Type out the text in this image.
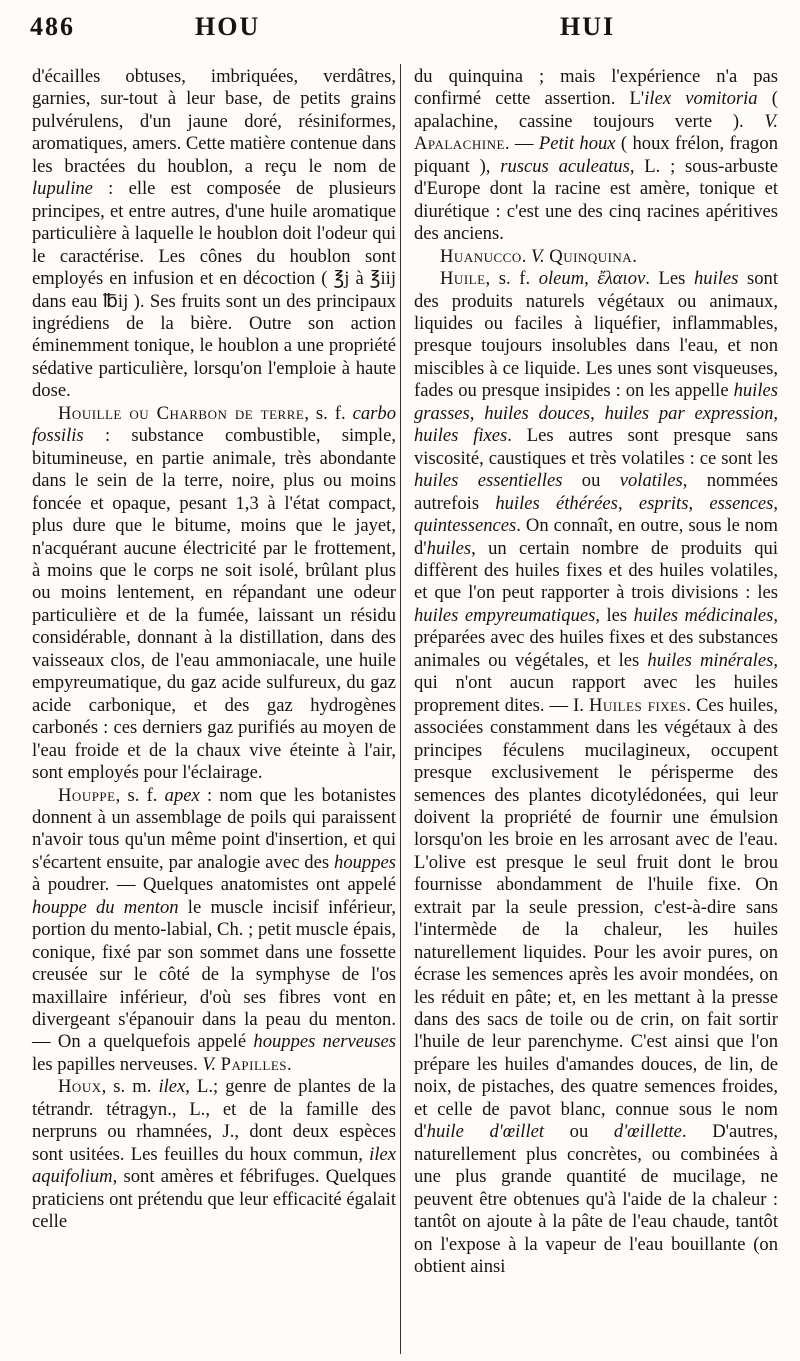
486	HOU	HUI

d'écailles obtuses, imbriquées, verdâtres, garnies, sur-tout à leur base, de petits grains pulvérulens, d'un jaune doré, résiniformes, aromatiques, amers. Cette matière contenue dans les bractées du houblon, a reçu le nom de lupuline : elle est composée de plusieurs principes, et entre autres, d'une huile aromatique particulière à laquelle le houblon doit l'odeur qui le caractérise. Les cônes du houblon sont employés en infusion et en décoction ( ℥j à ℥iij dans eau ℔ij ). Ses fruits sont un des principaux ingrédiens de la bière. Outre son action éminemment tonique, le houblon a une propriété sédative particulière, lorsqu'on l'emploie à haute dose.

Houille ou Charbon de terre, s. f. carbo fossilis : substance combustible, simple, bitumineuse, en partie animale, très abondante dans le sein de la terre, noire, plus ou moins foncée et opaque, pesant 1,3 à l'état compact, plus dure que le bitume, moins que le jayet, n'acquérant aucune électricité par le frottement, à moins que le corps ne soit isolé, brûlant plus ou moins lentement, en répandant une odeur particulière et de la fumée, laissant un résidu considérable, donnant à la distillation, dans des vaisseaux clos, de l'eau ammoniacale, une huile empyreumatique, du gaz acide sulfureux, du gaz acide carbonique, et des gaz hydrogènes carbonés : ces derniers gaz purifiés au moyen de l'eau froide et de la chaux vive éteinte à l'air, sont employés pour l'éclairage.

Houppe, s. f. apex : nom que les botanistes donnent à un assemblage de poils qui paraissent n'avoir tous qu'un même point d'insertion, et qui s'écartent ensuite, par analogie avec des houppes à poudrer. — Quelques anatomistes ont appelé houppe du menton le muscle incisif inférieur, portion du mento-labial, Ch. ; petit muscle épais, conique, fixé par son sommet dans une fossette creusée sur le côté de la symphyse de l'os maxillaire inférieur, d'où ses fibres vont en divergeant s'épanouir dans la peau du menton. — On a quelquefois appelé houppes nerveuses les papilles nerveuses. V. Papilles.

Houx, s. m. ilex, L.; genre de plantes de la tétrandr. tétragyn., L., et de la famille des nerpruns ou rhamnées, J., dont deux espèces sont usitées. Les feuilles du houx commun, ilex aquifolium, sont amères et fébrifuges. Quelques praticiens ont prétendu que leur efficacité égalait celle

du quinquina ; mais l'expérience n'a pas confirmé cette assertion. L'ilex vomitoria ( apalachine, cassine toujours verte ). V. Apalachine. — Petit houx ( houx frélon, fragon piquant ), ruscus aculeatus, L. ; sous-arbuste d'Europe dont la racine est amère, tonique et diurétique : c'est une des cinq racines apéritives des anciens.

Huanucco. V. Quinquina.

Huile, s. f. oleum, ἔλαιον. Les huiles sont des produits naturels végétaux ou animaux, liquides ou faciles à liquéfier, inflammables, presque toujours insolubles dans l'eau, et non miscibles à ce liquide. Les unes sont visqueuses, fades ou presque insipides : on les appelle huiles grasses, huiles douces, huiles par expression, huiles fixes. Les autres sont presque sans viscosité, caustiques et très volatiles : ce sont les huiles essentielles ou volatiles, nommées autrefois huiles éthérées, esprits, essences, quintessences. On connaît, en outre, sous le nom d'huiles, un certain nombre de produits qui diffèrent des huiles fixes et des huiles volatiles, et que l'on peut rapporter à trois divisions : les huiles empyreumatiques, les huiles médicinales, préparées avec des huiles fixes et des substances animales ou végétales, et les huiles minérales, qui n'ont aucun rapport avec les huiles proprement dites. — I. Huiles fixes. Ces huiles, associées constamment dans les végétaux à des principes féculens mucilagineux, occupent presque exclusivement le périsperme des semences des plantes dicotylédonées, qui leur doivent la propriété de fournir une émulsion lorsqu'on les broie en les arrosant avec de l'eau. L'olive est presque le seul fruit dont le brou fournisse abondamment de l'huile fixe. On extrait par la seule pression, c'est-à-dire sans l'intermède de la chaleur, les huiles naturellement liquides. Pour les avoir pures, on écrase les semences après les avoir mondées, on les réduit en pâte; et, en les mettant à la presse dans des sacs de toile ou de crin, on fait sortir l'huile de leur parenchyme. C'est ainsi que l'on prépare les huiles d'amandes douces, de lin, de noix, de pistaches, des quatre semences froides, et celle de pavot blanc, connue sous le nom d'huile d'œillet ou d'œillette. D'autres, naturellement plus concrètes, ou combinées à une plus grande quantité de mucilage, ne peuvent être obtenues qu'à l'aide de la chaleur : tantôt on ajoute à la pâte de l'eau chaude, tantôt on l'expose à la vapeur de l'eau bouillante (on obtient ainsi
